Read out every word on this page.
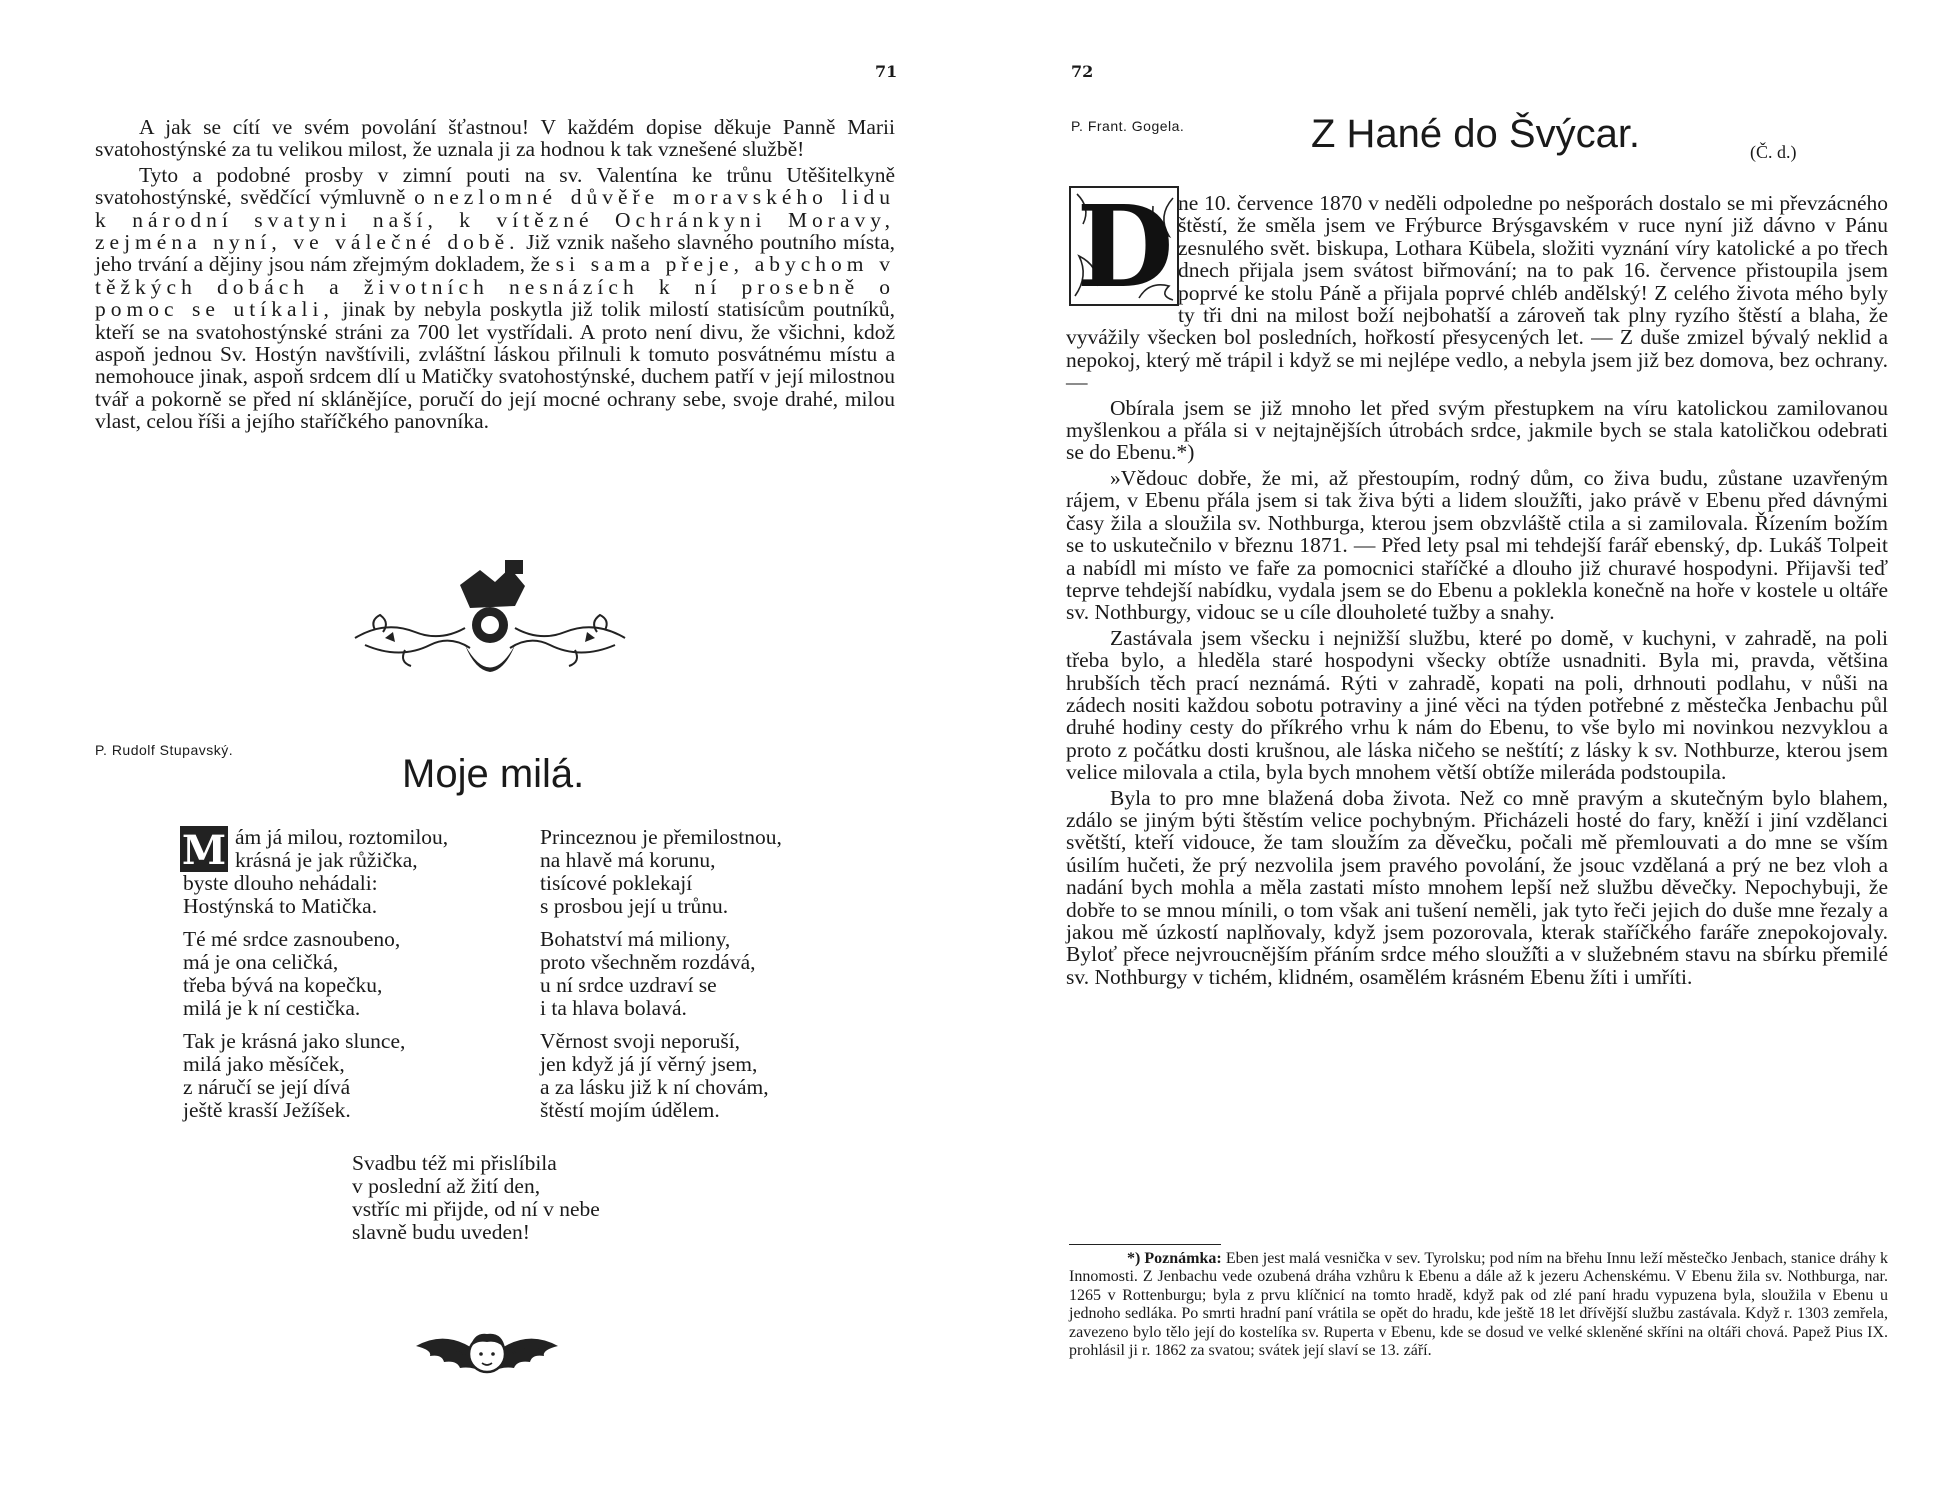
71

A jak se cítí ve svém povolání šťastnou! V každém dopise děkuje Panně Marii svatohostýnské za tu velikou milost, že uznala ji za hodnou k tak vznešené službě!

Tyto a podobné prosby v zimní pouti na sv. Valentína ke trůnu Utěšitelkyně svatohostýnské, svědčící výmluvně o nezlomné důvěře moravského lidu k národní svatyni naší, k vítězné Ochránkyni Moravy, zejména nyní, ve válečné době. Již vznik našeho slavného poutního místa, jeho trvání a dějiny jsou nám zřejmým dokladem, že si sama přeje, abychom v těžkých dobách a životních nesnázích k ní prosebně o pomoc se utíkali, jinak by nebyla poskytla již tolik milostí statisícům poutníků, kteří se na svatohostýnské stráni za 700 let vystřídali. A proto není divu, že všichni, kdož aspoň jednou Sv. Hostýn navštívili, zvláštní láskou přilnuli k tomuto posvátnému místu a nemohouce jinak, aspoň srdcem dlí u Matičky svatohostýnské, duchem patří v její milostnou tvář a pokorně se před ní sklánějíce, poručí do její mocné ochrany sebe, svoje drahé, milou vlast, celou říši a jejího staříčkého panovníka.

P. Rudolf Stupavský.
Moje milá.
M ám já milou, roztomilou,
krásná je jak růžička,
byste dlouho nehádali:
Hostýnská to Matička.
Té mé srdce zasnoubeno,
má je ona celičká,
třeba bývá na kopečku,
milá je k ní cestička.
Tak je krásná jako slunce,
milá jako měsíček,
z náručí se její dívá
ještě krasší Ježíšek.
Princeznou je přemilostnou,
na hlavě má korunu,
tisícové poklekají
s prosbou její u trůnu.
Bohatství má miliony,
proto všechněm rozdává,
u ní srdce uzdraví se
i ta hlava bolavá.
Věrnost svoji neporuší,
jen když já jí věrný jsem,
a za lásku již k ní chovám,
štěstí mojím údělem.
Svadbu též mi přislíbila
v poslední až žití den,
vstříc mi přijde, od ní v nebe
slavně budu uveden!
72
P. Frant. Gogela.	Z Hané do Švýcar.	(Č. d.)

ne 10. července 1870 v neděli odpoledne po nešporách dostalo se mi převzácného štěstí, že směla jsem ve Frýburce Brýsgavském v ruce nyní již dávno v Pánu zesnulého svět. biskupa, Lothara Kübela, složiti vyznání víry katolické a po třech dnech přijala jsem svátost biřmování; na to pak 16. července přistoupila jsem poprvé ke stolu Páně a přijala poprvé chléb andělský! Z celého života mého byly ty tři dni na milost boží nejbohatší a zároveň tak plny ryzího štěstí a blaha, že vyvážily všecken bol posledních, hořkostí přesycených let. — Z duše zmizel bývalý neklid a nepokoj, který mě trápil i když se mi nejlépe vedlo, a nebyla jsem již bez domova, bez ochrany. —

Obírala jsem se již mnoho let před svým přestupkem na víru katolickou zamilovanou myšlenkou a přála si v nejtajnějších útrobách srdce, jakmile bych se stala katoličkou odebrati se do Ebenu.*)

»Vědouc dobře, že mi, až přestoupím, rodný dům, co živa budu, zůstane uzavřeným rájem, v Ebenu přála jsem si tak živa býti a lidem slouží̌ti, jako právě v Ebenu před dávnými časy žila a sloužila sv. Nothburga, kterou jsem obzvláště ctila a si zamilovala. Řízením božím se to uskutečnilo v březnu 1871. — Před lety psal mi tehdejší farář ebenský, dp. Lukáš Tolpeit a nabídl mi místo ve faře za pomocnici staříčké a dlouho již churavé hospodyni. Přijavši teď teprve tehdejší nabídku, vydala jsem se do Ebenu a poklekla konečně na hoře v kostele u oltáře sv. Nothburgy, vidouc se u cíle dlouholeté tužby a snahy.

Zastávala jsem všecku i nejnižší službu, které po domě, v kuchyni, v zahradě, na poli třeba bylo, a hleděla staré hospodyni všecky obtíže usnadniti. Byla mi, pravda, většina hrubších těch prací neznámá. Rýti v zahradě, kopati na poli, drhnouti podlahu, v nůši na zádech nositi každou sobotu potraviny a jiné věci na týden potřebné z městečka Jenbachu půl druhé hodiny cesty do příkrého vrhu k nám do Ebenu, to vše bylo mi novinkou nezvyklou a proto z počátku dosti krušnou, ale láska ničeho se neštítí; z lásky k sv. Nothburze, kterou jsem velice milovala a ctila, byla bych mnohem větší obtíže mileráda podstoupila.

Byla to pro mne blažená doba života. Než co mně pravým a skutečným bylo blahem, zdálo se jiným býti štěstím velice pochybným. Přicházeli hosté do fary, kněží i jiní vzdělanci světští, kteří vidouce, že tam sloužím za děvečku, počali mě přemlouvati a do mne se vším úsilím hučeti, že prý nezvolila jsem pravého povolání, že jsouc vzdělaná a prý ne bez vloh a nadání bych mohla a měla zastati místo mnohem lepší než službu děvečky. Nepochybuji, že dobře to se mnou mínili, o tom však ani tušení neměli, jak tyto řeči jejich do duše mne řezaly a jakou mě úzkostí naplňovaly, když jsem pozorovala, kterak staříčkého faráře znepokojovaly. Byloť přece nejvroucnějším přáním srdce mého slouží̌ti a v služebném stavu na sbírku přemilé sv. Nothburgy v tichém, klidném, osamělém krásném Ebenu žíti i umříti.

D

*) Poznámka: Eben jest malá vesnička v sev. Tyrolsku; pod ním na břehu Innu leží městečko Jenbach, stanice dráhy k Innomosti. Z Jenbachu vede ozubená dráha vzhůru k Ebenu a dále až k jezeru Achenskému. V Ebenu žila sv. Nothburga, nar. 1265 v Rottenburgu; byla z prvu klíčnicí na tomto hradě, když pak od zlé paní hradu vypuzena byla, sloužila v Ebenu u jednoho sedláka. Po smrti hradní paní vrátila se opět do hradu, kde ještě 18 let dřívější službu zastávala. Když r. 1303 zemřela, zavezeno bylo tělo její do kostelíka sv. Ruperta v Ebenu, kde se dosud ve velké skleněné skříni na oltáři chová. Papež Pius IX. prohlásil ji r. 1862 za svatou; svátek její slaví se 13. září.
